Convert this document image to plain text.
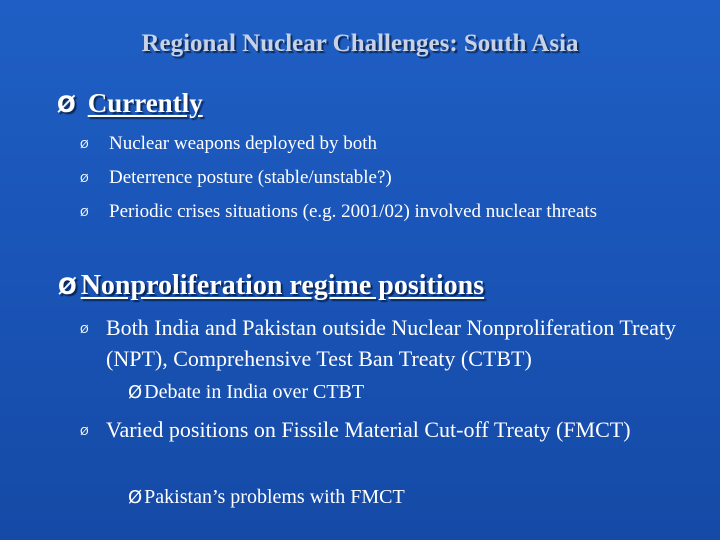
Regional Nuclear Challenges: South Asia
Ø Currently
Ø	Nuclear weapons deployed by both
Ø	Deterrence posture (stable/unstable?)
Ø	Periodic crises situations (e.g. 2001/02) involved nuclear threats
Ø Nonproliferation regime positions
Ø Both India and Pakistan outside Nuclear Nonproliferation Treaty (NPT), Comprehensive Test Ban Treaty (CTBT)
Ø Debate in India over CTBT
Ø Varied positions on Fissile Material Cut-off Treaty (FMCT)
Ø Pakistan’s problems with FMCT
